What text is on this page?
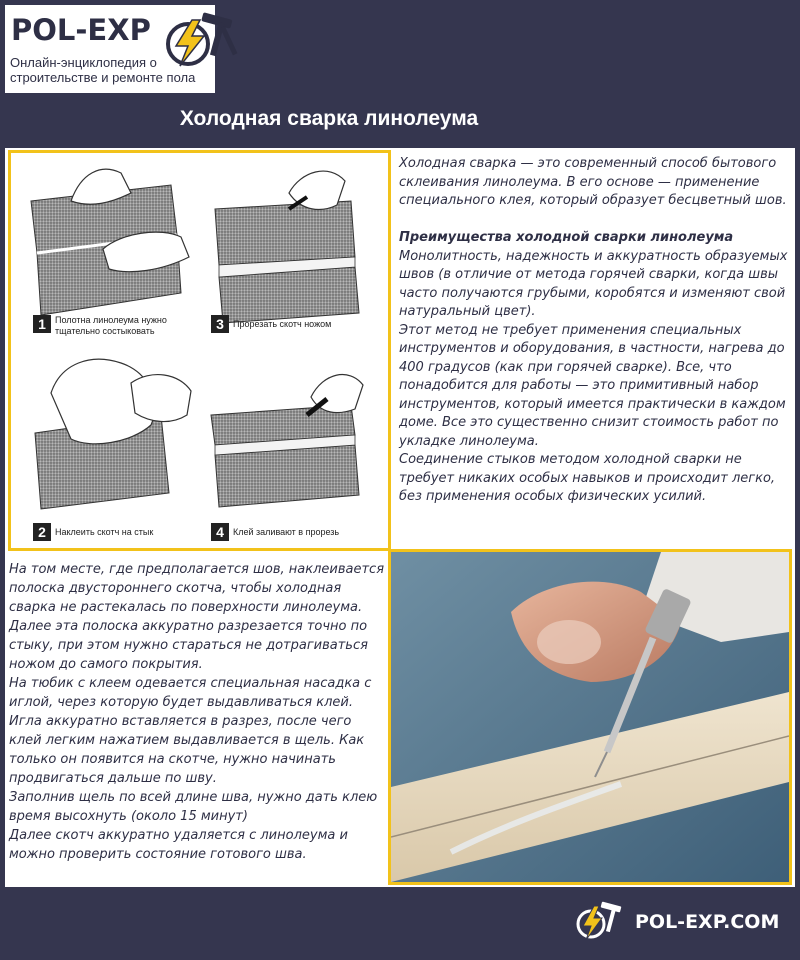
POL-EXP
Онлайн-энциклопедия о строительстве и ремонте пола
Холодная сварка линолеума
1	Полотна линолеума нужно тщательно состыковать	3	Прорезать скотч ножом
2	Наклеить скотч на стык	4	Клей заливают в прорезь

Холодная сварка — это современный способ бытового склеивания линолеума. В его основе — применение специального клея, который образует бесцветный шов.

Преимущества холодной сварки линолеума

Монолитность, надежность и аккуратность образуемых швов (в отличие от метода горячей сварки, когда швы часто получаются грубыми, коробятся и изменяют свой натуральный цвет).

Этот метод не требует применения специальных инструментов и оборудования, в частности, нагрева до 400 градусов (как при горячей сварке). Все, что понадобится для работы — это примитивный набор инструментов, который имеется практически в каждом доме. Все это существенно снизит стоимость работ по укладке линолеума.

Соединение стыков методом холодной сварки не требует никаких особых навыков и происходит легко, без применения особых физических усилий.

На том месте, где предполагается шов, наклеивается полоска двустороннего скотча, чтобы холодная сварка не растекалась по поверхности линолеума.

Далее эта полоска аккуратно разрезается точно по стыку, при этом нужно стараться не дотрагиваться ножом до самого покрытия.

На тюбик с клеем одевается специальная насадка с иглой, через которую будет выдавливаться клей.

Игла аккуратно вставляется в разрез, после чего клей легким нажатием выдавливается в щель. Как только он появится на скотче, нужно начинать продвигаться дальше по шву.

Заполнив щель по всей длине шва, нужно дать клею время высохнуть (около 15 минут)

Далее скотч аккуратно удаляется с линолеума и можно проверить состояние готового шва.

POL-EXP.COM
